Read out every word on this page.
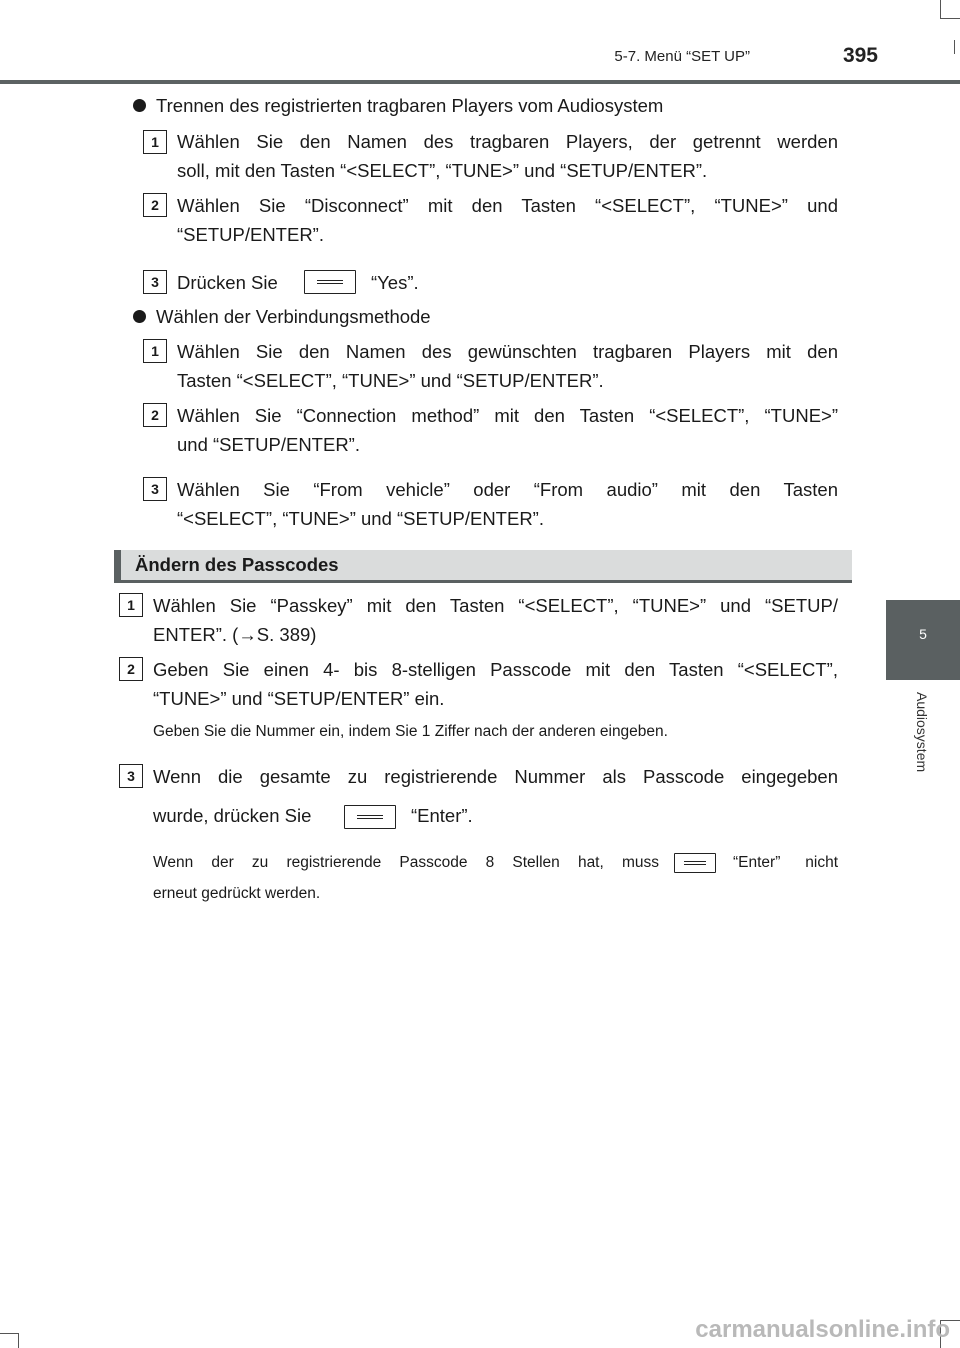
5-7. Menü “SET UP”	395
5
Audiosystem
Trennen des registrierten tragbaren Players vom Audiosystem
1 Wählen Sie den Namen des tragbaren Players, der getrennt werden
soll, mit den Tasten “<SELECT”, “TUNE>” und “SETUP/ENTER”.
2 Wählen Sie “Disconnect” mit den Tasten “<SELECT”, “TUNE>” und
“SETUP/ENTER”.
3 Drücken Sie	“Yes”.
Wählen der Verbindungsmethode
1 Wählen Sie den Namen des gewünschten tragbaren Players mit den
Tasten “<SELECT”, “TUNE>” und “SETUP/ENTER”.
2 Wählen Sie “Connection method” mit den Tasten “<SELECT”, “TUNE>”
und “SETUP/ENTER”.
3 Wählen Sie “From vehicle” oder “From audio” mit den Tasten
“<SELECT”, “TUNE>” und “SETUP/ENTER”.
Ändern des Passcodes
1 Wählen Sie “Passkey” mit den Tasten “<SELECT”, “TUNE>” und “SETUP/
ENTER”. (→S. 389)
2 Geben Sie einen 4- bis 8-stelligen Passcode mit den Tasten “<SELECT”,
“TUNE>” und “SETUP/ENTER” ein.
Geben Sie die Nummer ein, indem Sie 1 Ziffer nach der anderen eingeben.
3 Wenn die gesamte zu registrierende Nummer als Passcode eingegeben
wurde, drücken Sie	“Enter”.
Wenn der zu registrierende Passcode 8 Stellen hat, muss	“Enter” nicht
erneut gedrückt werden.
carmanualsonline.info
